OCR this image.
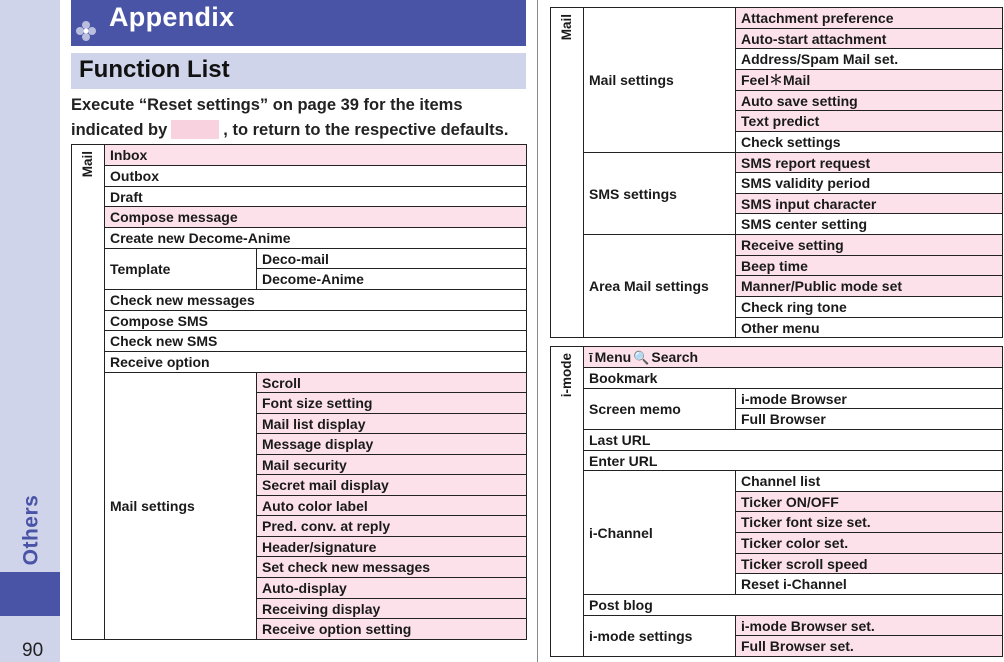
Others
90
Appendix
Function List
Execute “Reset settings” on page 39 for the items indicated by	, to return to the respective defaults.
Mail	Inbox	
	Outbox	
	Draft	
	Compose message	
	Create new Decome-Anime	
	Template	Deco-mail
		Decome-Anime
	Check new messages	
	Compose SMS	
	Check new SMS	
	Receive option	
	Mail settings	Scroll
		Font size setting
		Mail list display
		Message display
		Mail security
		Secret mail display
		Auto color label
		Pred. conv. at reply
		Header/signature
		Set check new messages
		Auto-display
		Receiving display
		Receive option setting
Mail	Mail settings	Attachment preference
		Auto-start attachment
		Address/Spam Mail set.
		Feel＊Mail
		Auto save setting
		Text predict
		Check settings
	SMS settings	SMS report request
		SMS validity period
		SMS input character
		SMS center setting
	Area Mail settings	Receive setting
		Beep time
		Manner/Public mode set
		Check ring tone
		Other menu
i-mode	ī Menu 🔍 Search	
	Bookmark	
	Screen memo	i-mode Browser
		Full Browser
	Last URL	
	Enter URL	
	i-Channel	Channel list
		Ticker ON/OFF
		Ticker font size set.
		Ticker color set.
		Ticker scroll speed
		Reset i-Channel
	Post blog	
	i-mode settings	i-mode Browser set.
		Full Browser set.
